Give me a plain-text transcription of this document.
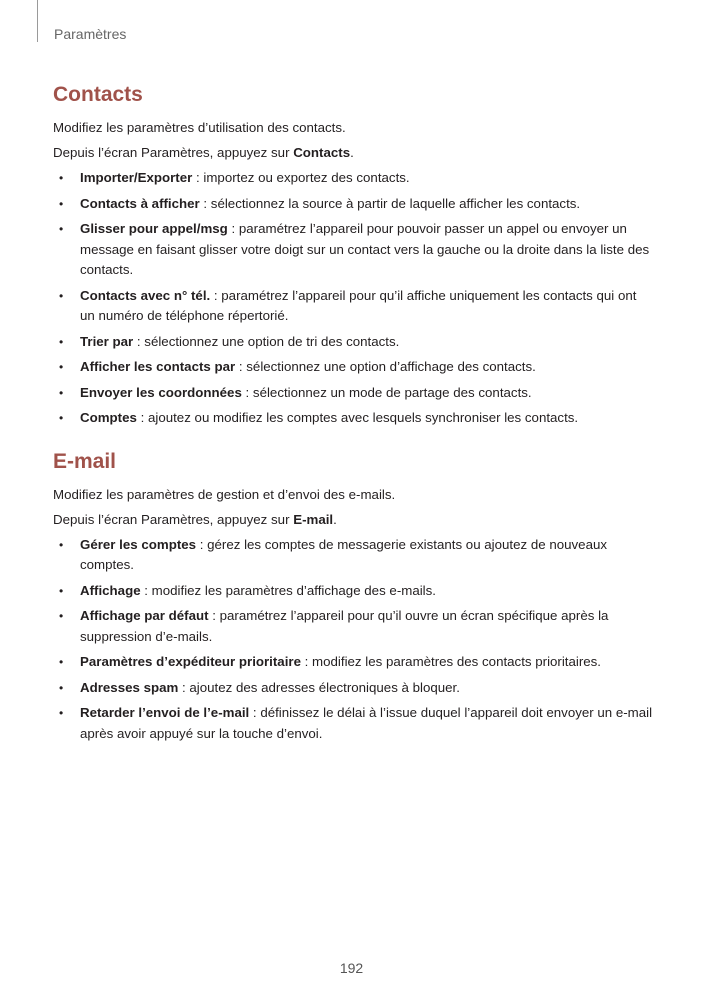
Paramètres
Contacts

Modifiez les paramètres d’utilisation des contacts.

Depuis l’écran Paramètres, appuyez sur Contacts.

• Importer/Exporter : importez ou exportez des contacts.
• Contacts à afficher : sélectionnez la source à partir de laquelle afficher les contacts.
• Glisser pour appel/msg : paramétrez l’appareil pour pouvoir passer un appel ou envoyer un message en faisant glisser votre doigt sur un contact vers la gauche ou la droite dans la liste des contacts.
• Contacts avec n° tél. : paramétrez l’appareil pour qu’il affiche uniquement les contacts qui ont un numéro de téléphone répertorié.
• Trier par : sélectionnez une option de tri des contacts.
• Afficher les contacts par : sélectionnez une option d’affichage des contacts.
• Envoyer les coordonnées : sélectionnez un mode de partage des contacts.
• Comptes : ajoutez ou modifiez les comptes avec lesquels synchroniser les contacts.
E-mail

Modifiez les paramètres de gestion et d’envoi des e-mails.

Depuis l’écran Paramètres, appuyez sur E-mail.

• Gérer les comptes : gérez les comptes de messagerie existants ou ajoutez de nouveaux comptes.
• Affichage : modifiez les paramètres d’affichage des e-mails.
• Affichage par défaut : paramétrez l’appareil pour qu’il ouvre un écran spécifique après la suppression d’e-mails.
• Paramètres d’expéditeur prioritaire : modifiez les paramètres des contacts prioritaires.
• Adresses spam : ajoutez des adresses électroniques à bloquer.
• Retarder l’envoi de l’e-mail : définissez le délai à l’issue duquel l’appareil doit envoyer un e-mail après avoir appuyé sur la touche d’envoi.
192
